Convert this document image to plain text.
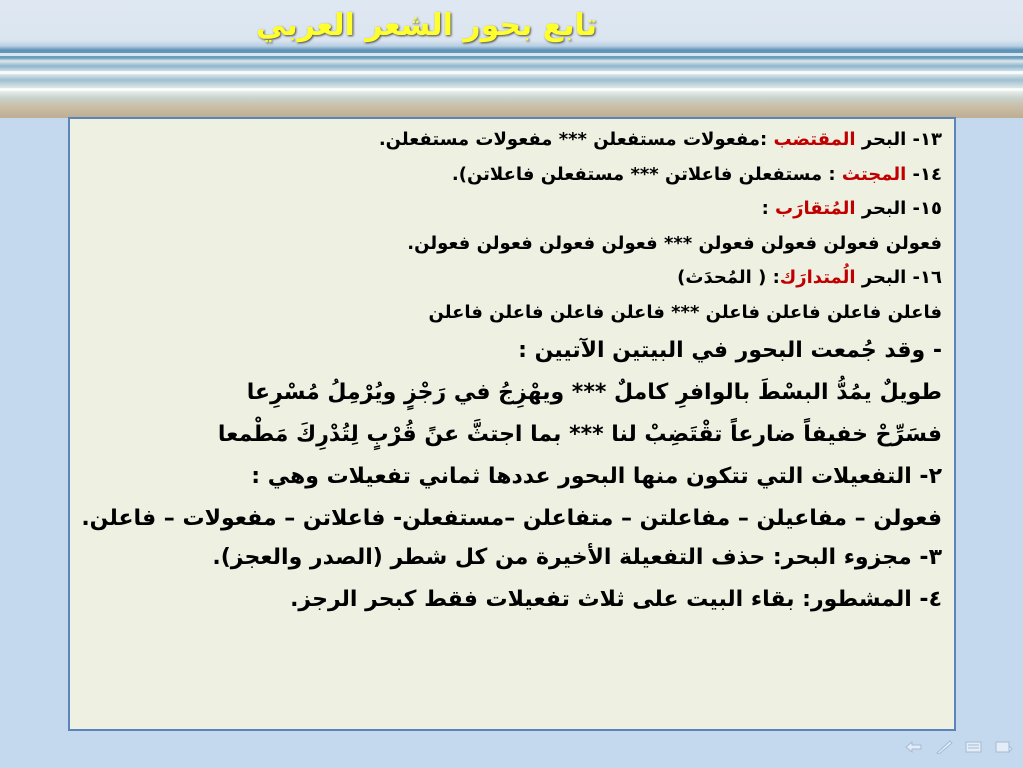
تابع بحور الشعر العربي
١٣- البحر المقتضب :مفعولات مستفعلن *** مفعولات مستفعلن.
١٤- المجتث : مستفعلن فاعلاتن *** مستفعلن فاعلاتن).
١٥- البحر المُتقارَب :
فعولن فعولن فعولن فعولن *** فعولن فعولن فعولن فعولن.
١٦- البحر الُمتدارَك: ( المُحدَث)
فاعلن فاعلن فاعلن فاعلن *** فاعلن فاعلن فاعلن فاعلن
- وقد جُمعت البحور في البيتين الآتيين :
طويلٌ يمُدُّ البسْطَ بالوافرِ كاملٌ *** ويهْزِجُ في رَجْزٍ ويُرْمِلُ مُسْرِعا
فسَرِّحْ خفيفاً ضارعاً تقْتَضِبْ لنا *** بما اجتثَّ عنً قُرْبٍ لِتُدْرِكَ مَطْمعا
٢- التفعيلات التي تتكون منها البحور عددها ثماني تفعيلات وهي :
فعولن – مفاعيلن – مفاعلتن – متفاعلن –مستفعلن- فاعلاتن – مفعولات – فاعلن.
٣- مجزوء البحر: حذف التفعيلة الأخيرة من كل شطر (الصدر والعجز).
٤- المشطور: بقاء البيت على ثلاث تفعيلات فقط كبحر الرجز.
